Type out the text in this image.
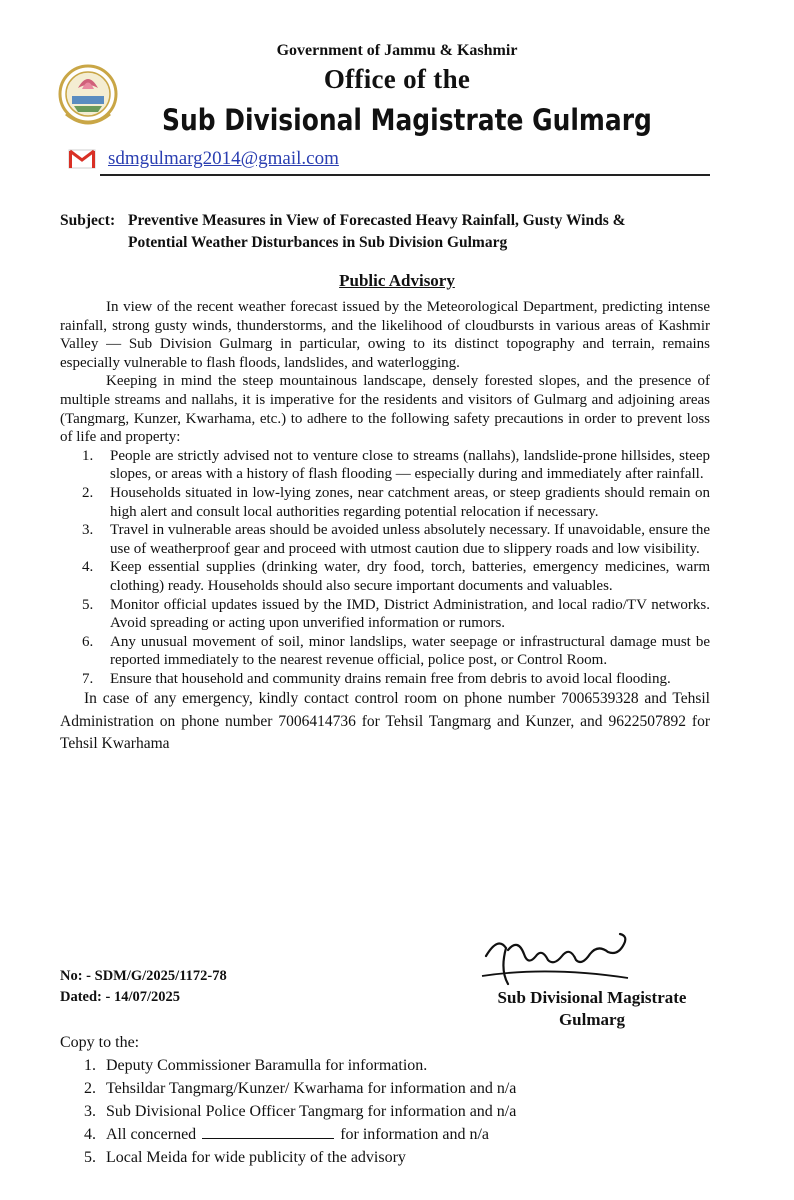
Government of Jammu & Kashmir
Office of the
Sub Divisional Magistrate Gulmarg
sdmgulmarg2014@gmail.com
Subject: Preventive Measures in View of Forecasted Heavy Rainfall, Gusty Winds &
Potential Weather Disturbances in Sub Division Gulmarg
Public Advisory

In view of the recent weather forecast issued by the Meteorological Department, predicting intense rainfall, strong gusty winds, thunderstorms, and the likelihood of cloudbursts in various areas of Kashmir Valley — Sub Division Gulmarg in particular, owing to its distinct topography and terrain, remains especially vulnerable to flash floods, landslides, and waterlogging.

Keeping in mind the steep mountainous landscape, densely forested slopes, and the presence of multiple streams and nallahs, it is imperative for the residents and visitors of Gulmarg and adjoining areas (Tangmarg, Kunzer, Kwarhama, etc.) to adhere to the following safety precautions in order to prevent loss of life and property:

1. People are strictly advised not to venture close to streams (nallahs), landslide-prone hillsides, steep slopes, or areas with a history of flash flooding — especially during and immediately after rainfall.
2. Households situated in low-lying zones, near catchment areas, or steep gradients should remain on high alert and consult local authorities regarding potential relocation if necessary.
3. Travel in vulnerable areas should be avoided unless absolutely necessary. If unavoidable, ensure the use of weatherproof gear and proceed with utmost caution due to slippery roads and low visibility.
4. Keep essential supplies (drinking water, dry food, torch, batteries, emergency medicines, warm clothing) ready. Households should also secure important documents and valuables.
5. Monitor official updates issued by the IMD, District Administration, and local radio/TV networks. Avoid spreading or acting upon unverified information or rumors.
6. Any unusual movement of soil, minor landslips, water seepage or infrastructural damage must be reported immediately to the nearest revenue official, police post, or Control Room.
7. Ensure that household and community drains remain free from debris to avoid local flooding.

In case of any emergency, kindly contact control room on phone number 7006539328 and Tehsil Administration on phone number 7006414736 for Tehsil Tangmarg and Kunzer, and 9622507892 for Tehsil Kwarhama

No: - SDM/G/2025/1172-78
Dated: - 14/07/2025	Sub Divisional Magistrate
Gulmarg
Copy to the:
1. Deputy Commissioner Baramulla for information.
2. Tehsildar Tangmarg/Kunzer/ Kwarhama for information and n/a
3. Sub Divisional Police Officer Tangmarg for information and n/a
4. All concerned	for information and n/a
5. Local Meida for wide publicity of the advisory
